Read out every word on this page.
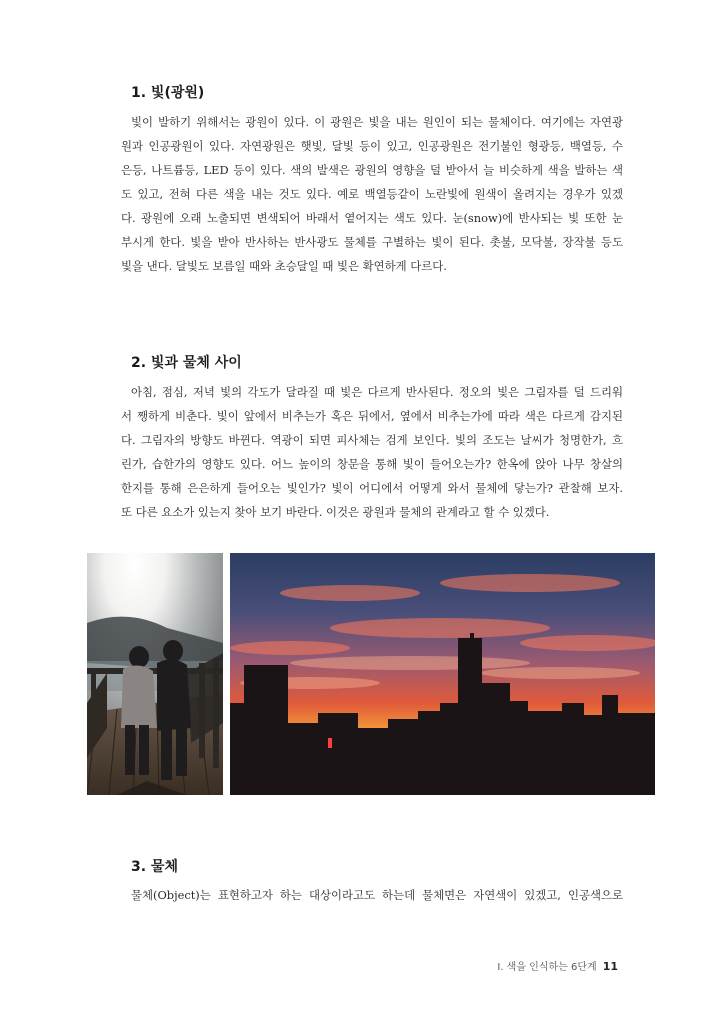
1. 빛(광원)
빛이 발하기 위해서는 광원이 있다. 이 광원은 빛을 내는 원인이 되는 물체이다. 여기에는 자연광
원과 인공광원이 있다. 자연광원은 햇빛, 달빛 등이 있고, 인공광원은 전기불인 형광등, 백열등, 수
은등, 나트륨등, LED 등이 있다. 색의 발색은 광원의 영향을 덜 받아서 늘 비슷하게 색을 발하는 색
도 있고, 전혀 다른 색을 내는 것도 있다. 예로 백열등같이 노란빛에 원색이 올려지는 경우가 있겠
다. 광원에 오래 노출되면 변색되어 바래서 옅어지는 색도 있다. 눈(snow)에 반사되는 빛 또한 눈
부시게 한다. 빛을 받아 반사하는 반사광도 물체를 구별하는 빛이 된다. 촛불, 모닥불, 장작불 등도
빛을 낸다. 달빛도 보름일 때와 초승달일 때 빛은 확연하게 다르다.
2. 빛과 물체 사이
아침, 점심, 저녁 빛의 각도가 달라질 때 빛은 다르게 반사된다. 정오의 빛은 그림자를 덜 드리워
서 쨍하게 비춘다. 빛이 앞에서 비추는가 혹은 뒤에서, 옆에서 비추는가에 따라 색은 다르게 감지된
다. 그림자의 방향도 바뀐다. 역광이 되면 피사체는 검게 보인다. 빛의 조도는 날씨가 청명한가, 흐
린가, 습한가의 영향도 있다. 어느 높이의 창문을 통해 빛이 들어오는가? 한옥에 앉아 나무 창살의
한지를 통해 은은하게 들어오는 빛인가? 빛이 어디에서 어떻게 와서 물체에 닿는가? 관찰해 보자.
또 다른 요소가 있는지 찾아 보기 바란다. 이것은 광원과 물체의 관계라고 할 수 있겠다.
3. 물체
물체(Object)는 표현하고자 하는 대상이라고도 하는데 물체면은 자연색이 있겠고, 인공색으로
Ⅰ. 색을 인식하는 6단계 11
